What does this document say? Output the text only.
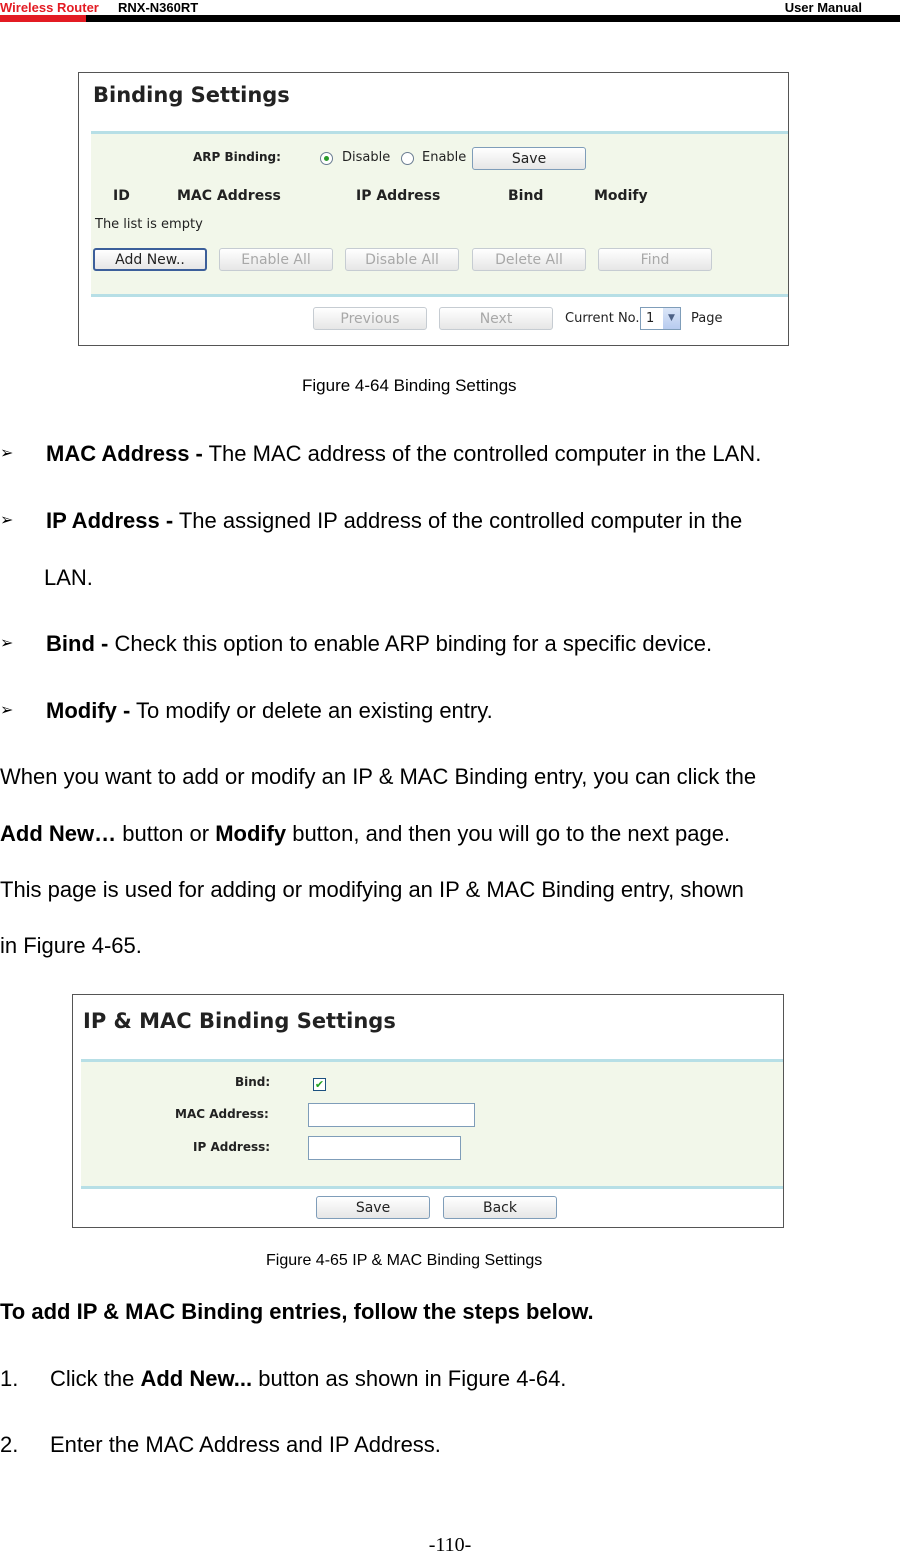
Wireless Router RNX-N360RT	User Manual
Binding Settings
ARP Binding:	Disable Enable	Save
ID	MAC Address	IP Address	Bind	Modify
The list is empty
Add New..	Enable All	Disable All	Delete All	Find
Previous	Next	Current No. 1	▼	Page
Figure 4-64 Binding Settings
➢ MAC Address - The MAC address of the controlled computer in the LAN.
➢ IP Address - The assigned IP address of the controlled computer in the
LAN.
➢ Bind - Check this option to enable ARP binding for a specific device.
➢ Modify - To modify or delete an existing entry.
When you want to add or modify an IP & MAC Binding entry, you can click the
Add New… button or Modify button, and then you will go to the next page.
This page is used for adding or modifying an IP & MAC Binding entry, shown
in Figure 4-65.
IP & MAC Binding Settings
Bind:	✔
MAC Address:
IP Address:
Save	Back
Figure 4-65 IP & MAC Binding Settings
To add IP & MAC Binding entries, follow the steps below.
1. Click the Add New... button as shown in Figure 4-64.
2. Enter the MAC Address and IP Address.
-110-
